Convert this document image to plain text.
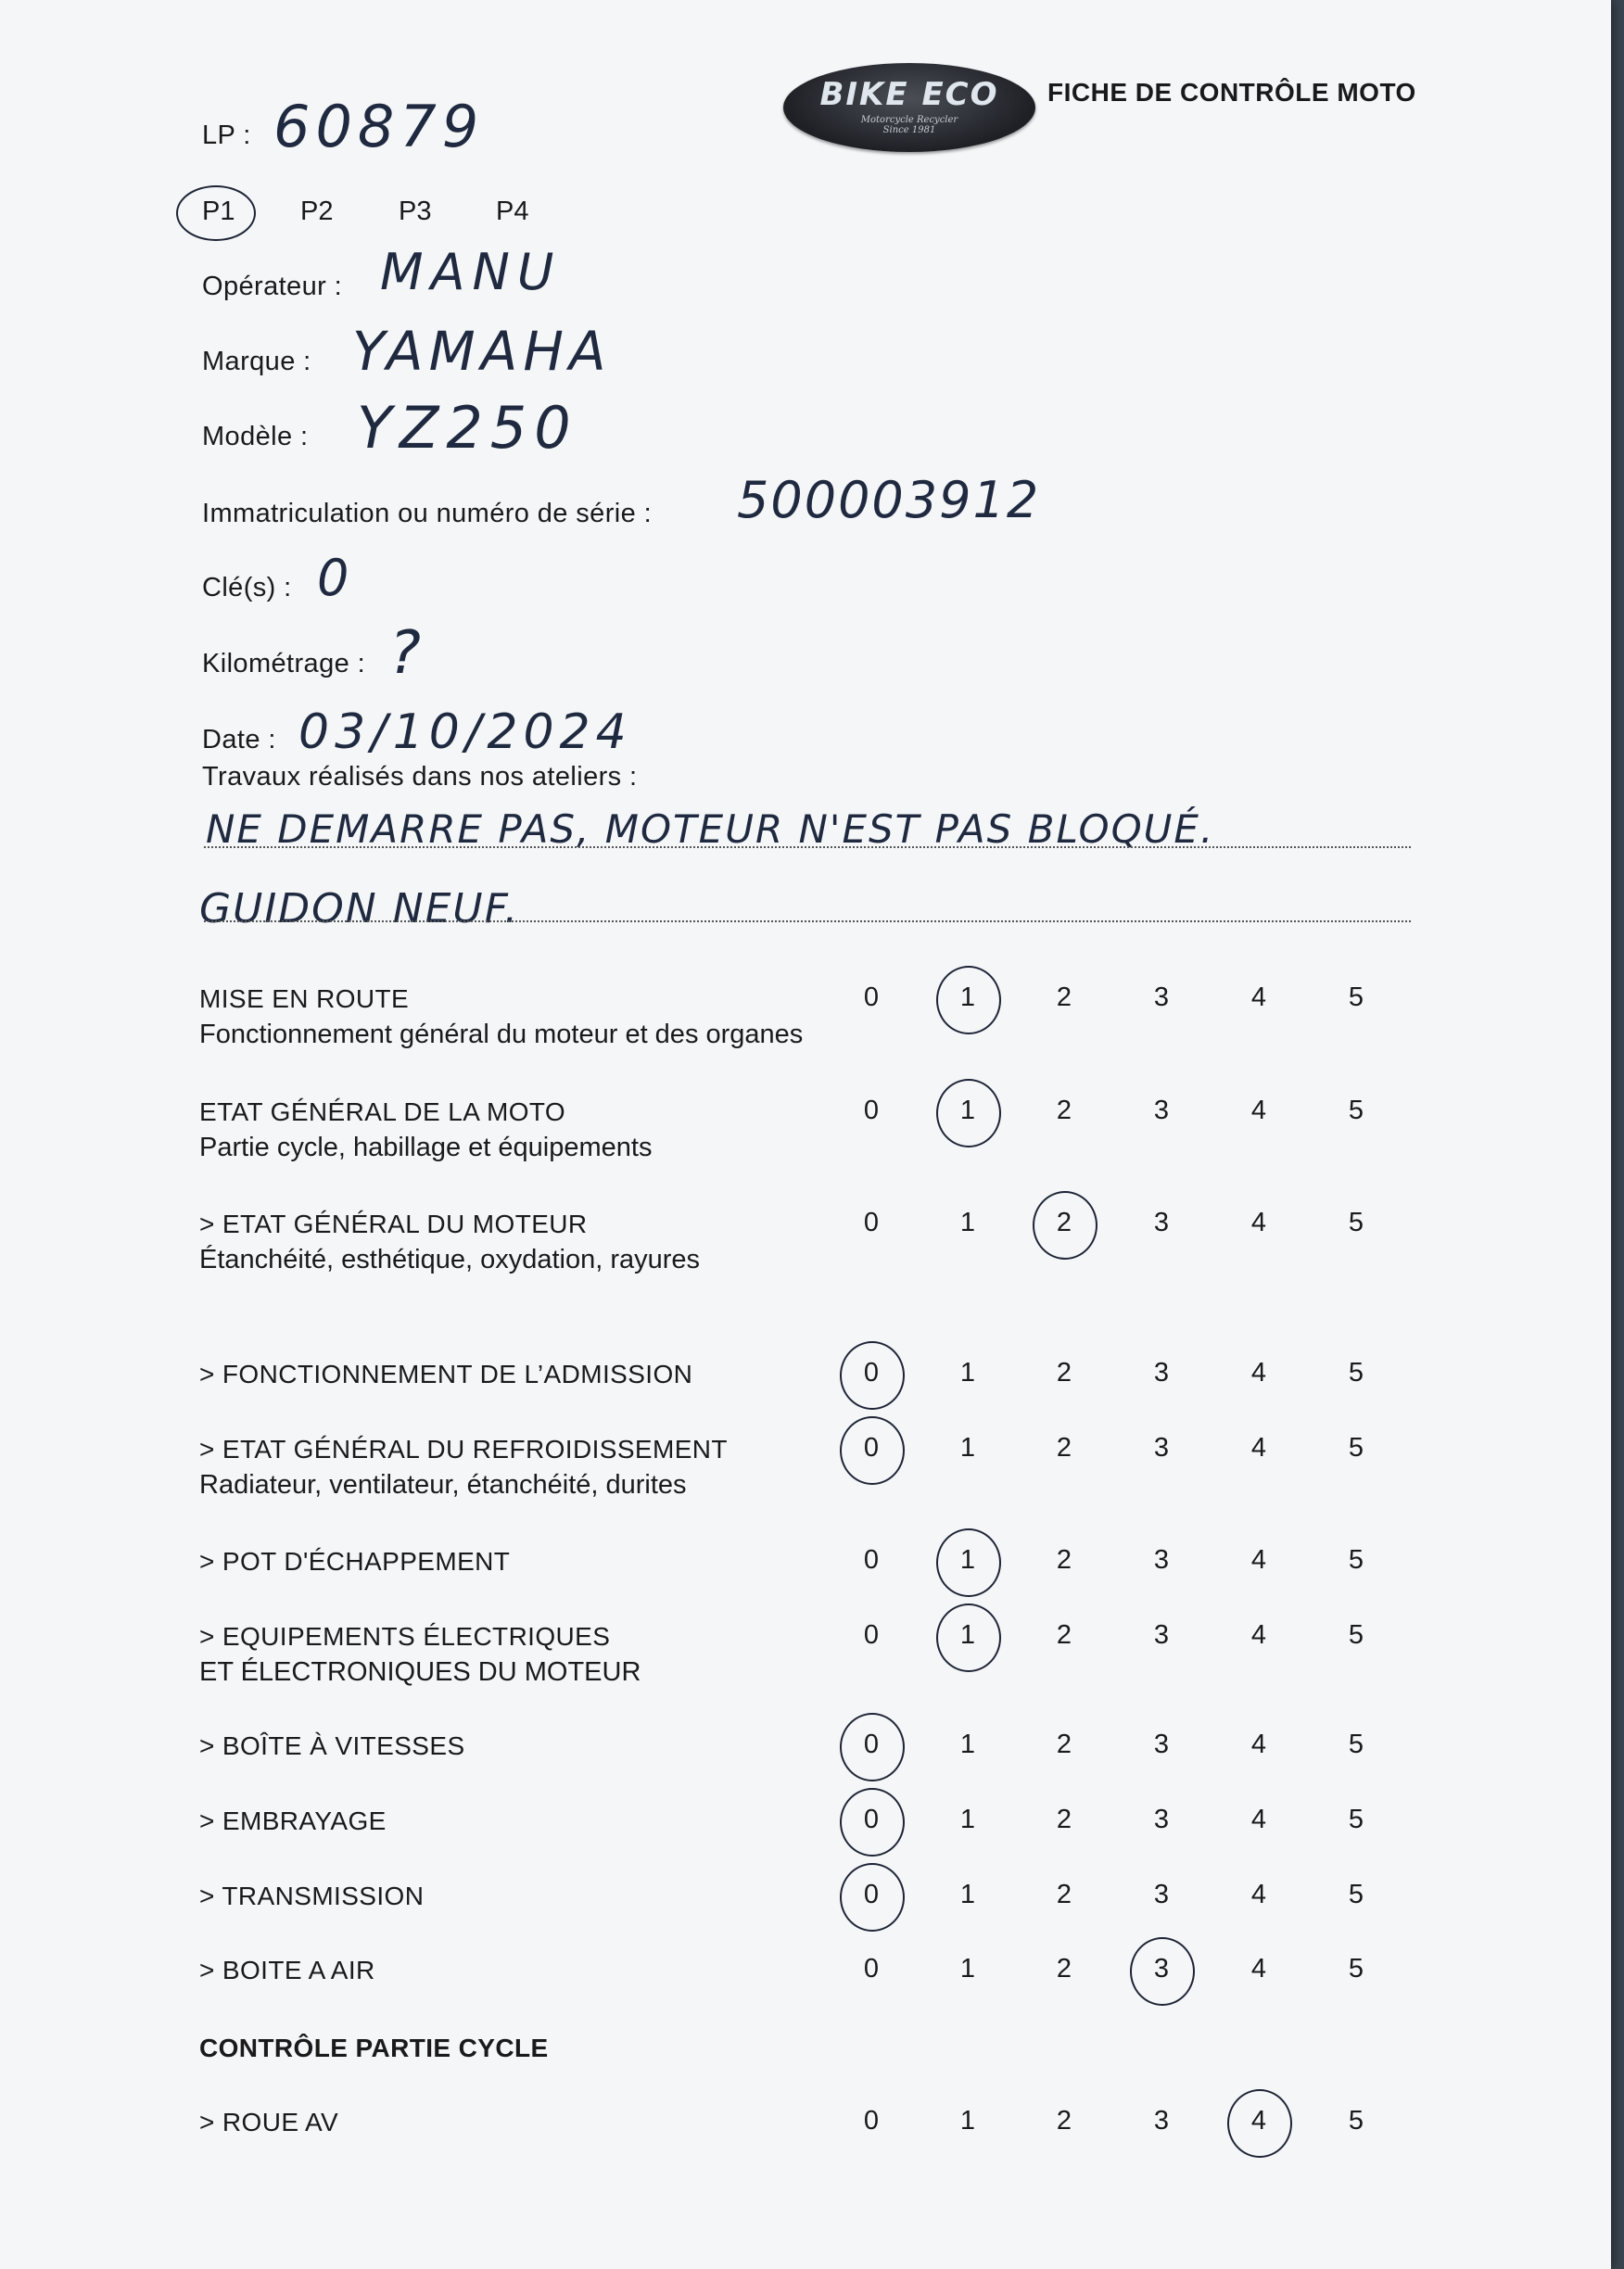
BIKE ECO
Motorcycle Recycler
Since 1981
FICHE DE CONTRÔLE MOTO
LP : 60879
P1 P2 P3 P4
Opérateur : MANU
Marque : YAMAHA
Modèle : YZ250
Immatriculation ou numéro de série : 500003912
Clé(s) : 0
Kilométrage : ?
Date : 03/10/2024
Travaux réalisés dans nos ateliers :
NE DEMARRE PAS, MOTEUR N'EST PAS BLOQUÉ.
GUIDON NEUF.
MISE EN ROUTE
Fonctionnement général du moteur et des organes
0	1	2	3	4	5
ETAT GÉNÉRAL DE LA MOTO
Partie cycle, habillage et équipements
0	1	2	3	4	5
> ETAT GÉNÉRAL DU MOTEUR
Étanchéité, esthétique, oxydation, rayures
0	1	2	3	4	5
> FONCTIONNEMENT DE L’ADMISSION	0	1	2	3	4	5
> ETAT GÉNÉRAL DU REFROIDISSEMENT
Radiateur, ventilateur, étanchéité, durites
0	1	2	3	4	5
> POT D'ÉCHAPPEMENT	0	1	2	3	4	5
> EQUIPEMENTS ÉLECTRIQUES
ET ÉLECTRONIQUES DU MOTEUR
0	1	2	3	4	5
> BOÎTE À VITESSES	0	1	2	3	4	5
> EMBRAYAGE	0	1	2	3	4	5
> TRANSMISSION	0	1	2	3	4	5
> BOITE A AIR	0	1	2	3	4	5
CONTRÔLE PARTIE CYCLE
> ROUE AV	0	1	2	3	4	5
